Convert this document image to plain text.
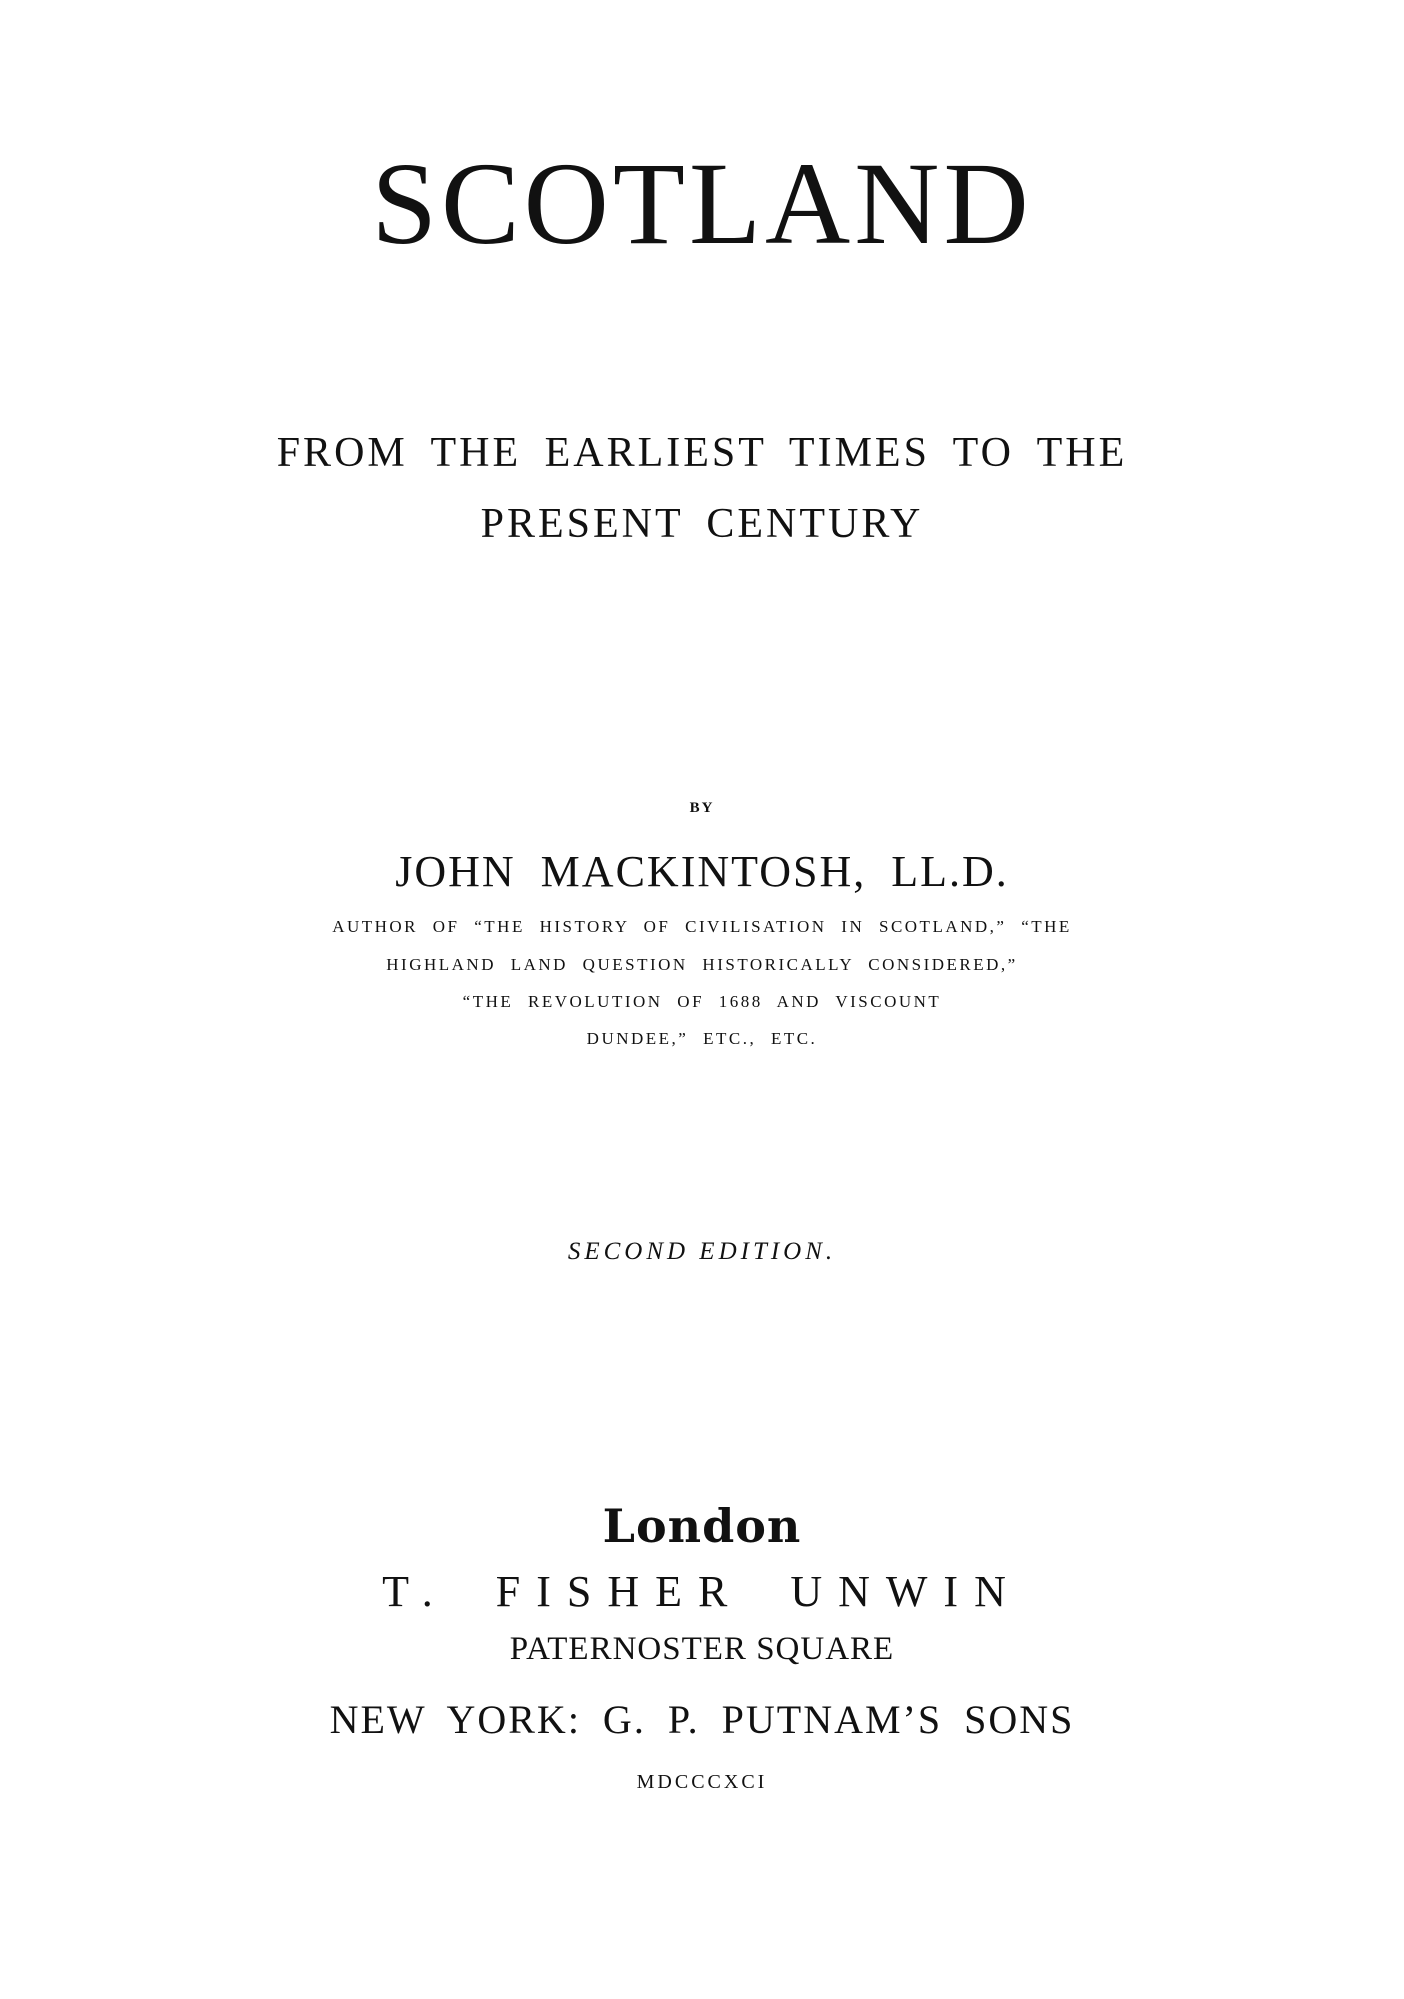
SCOTLAND
FROM THE EARLIEST TIMES TO THE
PRESENT CENTURY
BY
JOHN MACKINTOSH, LL.D.
AUTHOR OF “THE HISTORY OF CIVILISATION IN SCOTLAND,” “THE
HIGHLAND LAND QUESTION HISTORICALLY CONSIDERED,”
“THE REVOLUTION OF 1688 AND VISCOUNT
DUNDEE,” ETC., ETC.
SECOND EDITION.
London
T. FISHER UNWIN
PATERNOSTER SQUARE
NEW YORK: G. P. PUTNAM’S SONS
MDCCCXCI
